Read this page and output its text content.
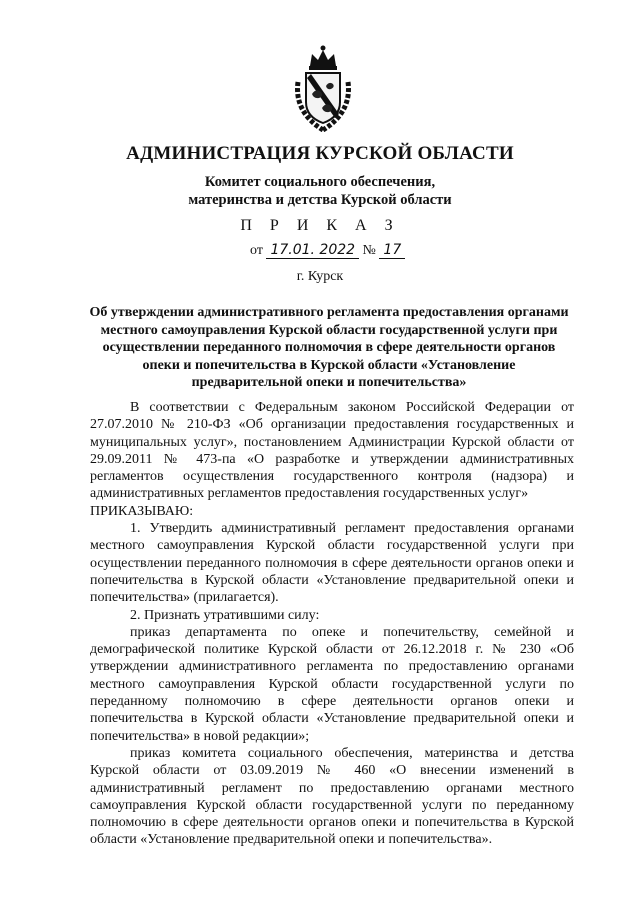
АДМИНИСТРАЦИЯ КУРСКОЙ ОБЛАСТИ
Комитет социального обеспечения,
материнства и детства Курской области
П Р И К А З
от 17.01. 2022 № 17
г. Курск
Об утверждении административного регламента предоставления органами местного самоуправления Курской области государственной услуги при осуществлении переданного полномочия в сфере деятельности органов опеки и попечительства в Курской области «Установление предварительной опеки и попечительства»

В соответствии с Федеральным законом Российской Федерации от 27.07.2010 № 210-ФЗ «Об организации предоставления государственных и муниципальных услуг», постановлением Администрации Курской области от 29.09.2011 № 473-па «О разработке и утверждении административных регламентов осуществления государственного контроля (надзора) и административных регламентов предоставления государственных услуг»

ПРИКАЗЫВАЮ:

1. Утвердить административный регламент предоставления органами местного самоуправления Курской области государственной услуги при осуществлении переданного полномочия в сфере деятельности органов опеки и попечительства в Курской области «Установление предварительной опеки и попечительства» (прилагается).

2. Признать утратившими силу:

приказ департамента по опеке и попечительству, семейной и демографической политике Курской области от 26.12.2018 г. № 230 «Об утверждении административного регламента по предоставлению органами местного самоуправления Курской области государственной услуги по переданному полномочию в сфере деятельности органов опеки и попечительства в Курской области «Установление предварительной опеки и попечительства» в новой редакции»;

приказ комитета социального обеспечения, материнства и детства Курской области от 03.09.2019 № 460 «О внесении изменений в административный регламент по предоставлению органами местного самоуправления Курской области государственной услуги по переданному полномочию в сфере деятельности органов опеки и попечительства в Курской области «Установление предварительной опеки и попечительства».
